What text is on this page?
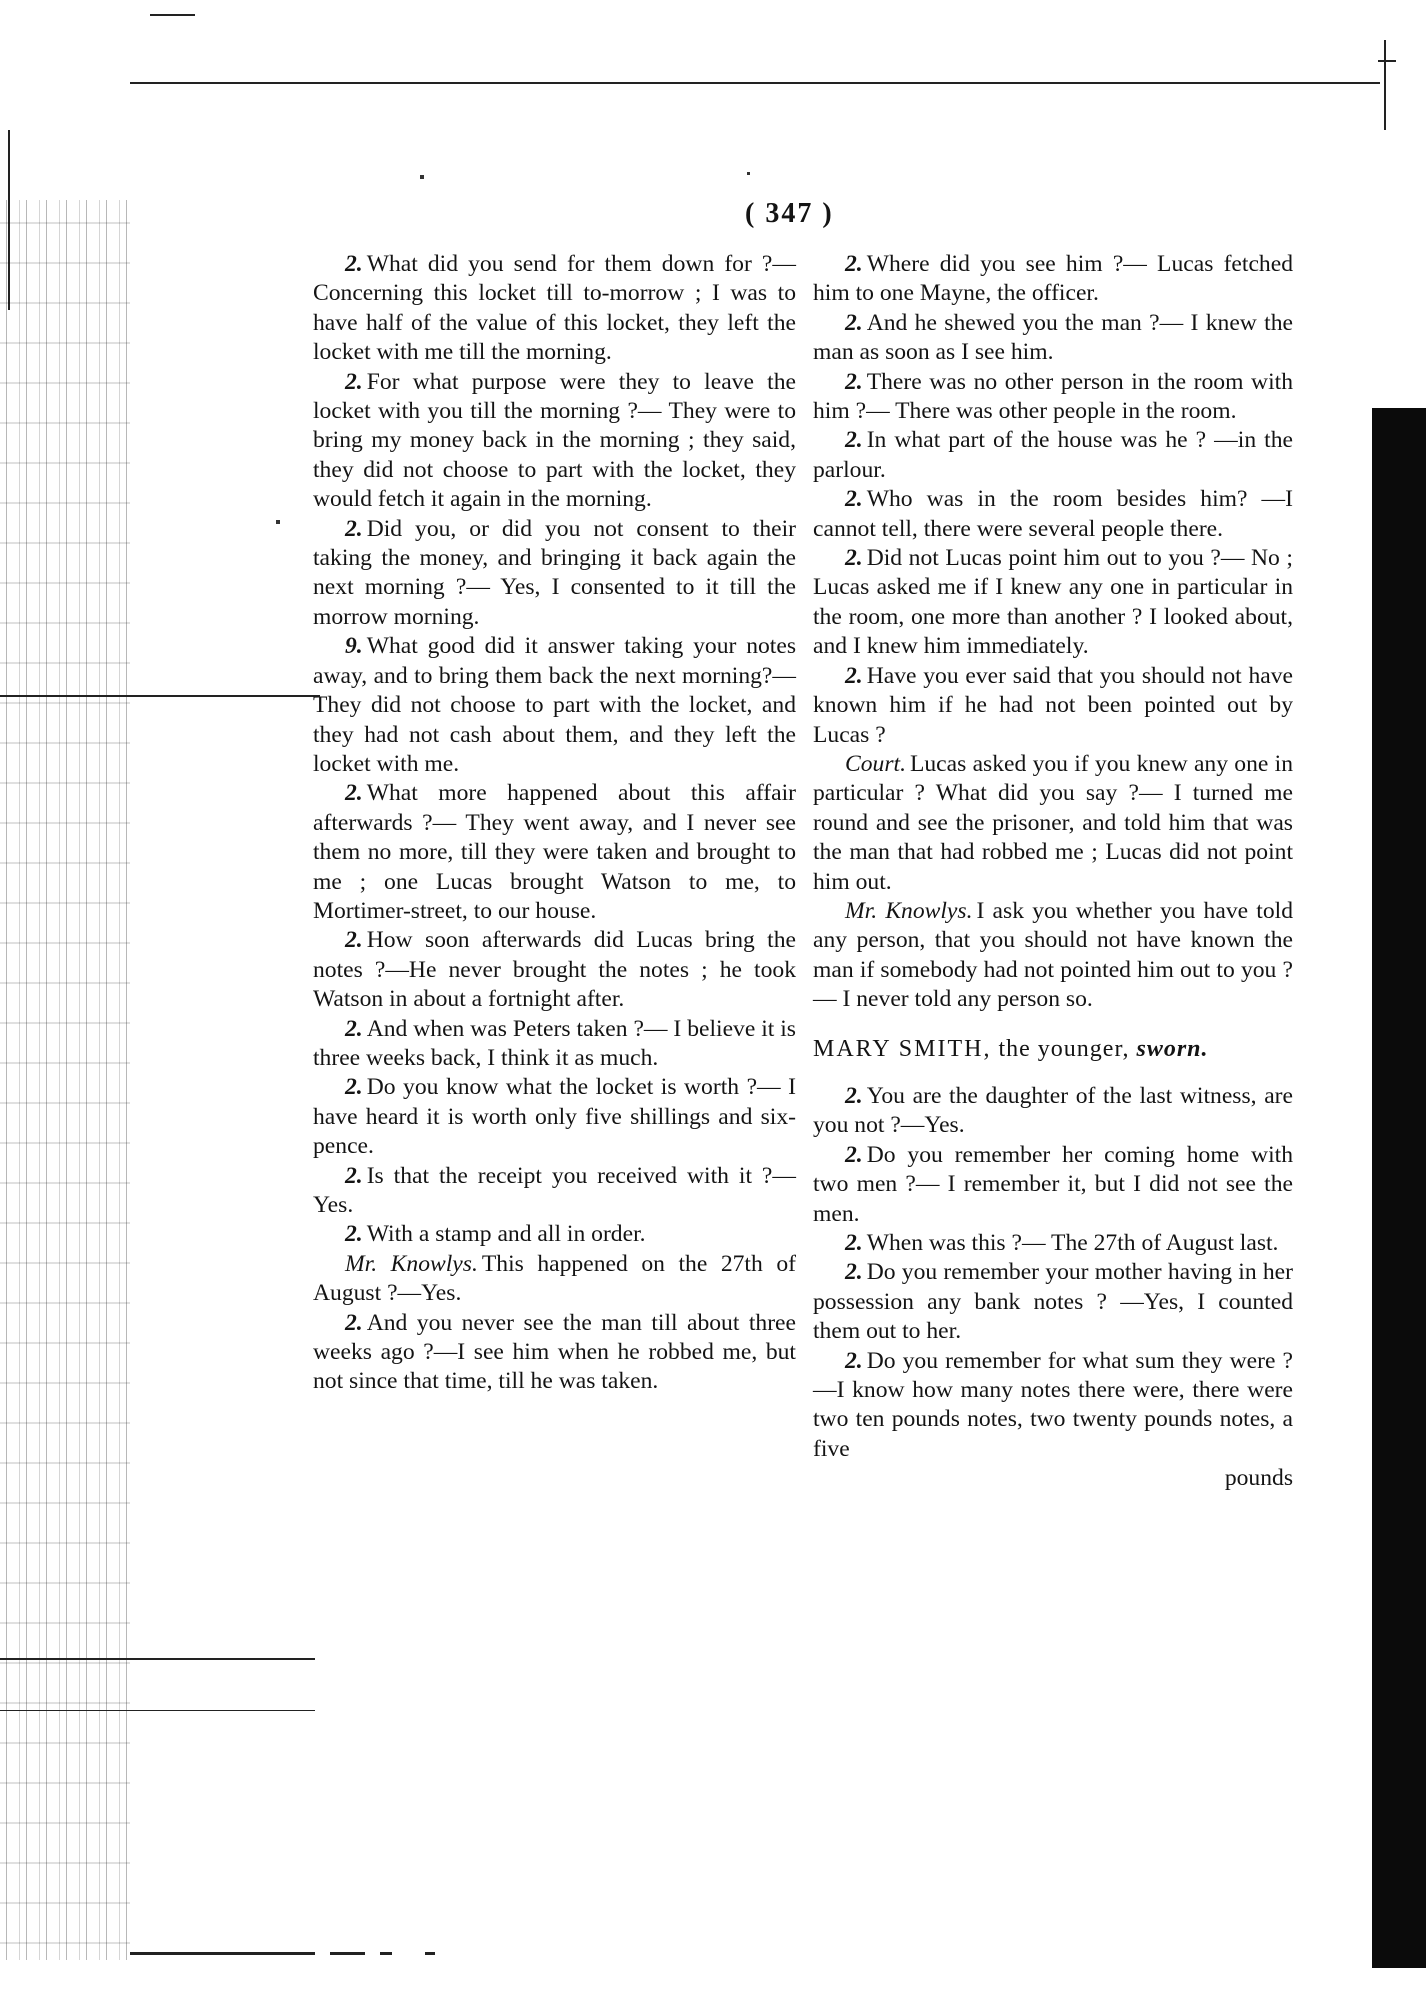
( 347 )

2. What did you send for them down for ?— Concerning this locket till to-morrow ; I was to have half of the value of this locket, they left the locket with me till the morning.

2. For what purpose were they to leave the locket with you till the morning ?— They were to bring my money back in the morning ; they said, they did not choose to part with the locket, they would fetch it again in the morning.

2. Did you, or did you not consent to their taking the money, and bringing it back again the next morning ?— Yes, I consented to it till the morrow morning.

9. What good did it answer taking your notes away, and to bring them back the next morning?—They did not choose to part with the locket, and they had not cash about them, and they left the locket with me.

2. What more happened about this affair afterwards ?— They went away, and I never see them no more, till they were taken and brought to me ; one Lucas brought Watson to me, to Mortimer-street, to our house.

2. How soon afterwards did Lucas bring the notes ?—He never brought the notes ; he took Watson in about a fortnight after.

2. And when was Peters taken ?— I believe it is three weeks back, I think it as much.

2. Do you know what the locket is worth ?— I have heard it is worth only five shillings and six-pence.

2. Is that the receipt you received with it ?—Yes.

2. With a stamp and all in order.

Mr. Knowlys. This happened on the 27th of August ?—Yes.

2. And you never see the man till about three weeks ago ?—I see him when he robbed me, but not since that time, till he was taken.

2. Where did you see him ?— Lucas fetched him to one Mayne, the officer.

2. And he shewed you the man ?— I knew the man as soon as I see him.

2. There was no other person in the room with him ?— There was other people in the room.

2. In what part of the house was he ? —in the parlour.

2. Who was in the room besides him? —I cannot tell, there were several people there.

2. Did not Lucas point him out to you ?— No ; Lucas asked me if I knew any one in particular in the room, one more than another ? I looked about, and I knew him immediately.

2. Have you ever said that you should not have known him if he had not been pointed out by Lucas ?

Court. Lucas asked you if you knew any one in particular ? What did you say ?— I turned me round and see the prisoner, and told him that was the man that had robbed me ; Lucas did not point him out.

Mr. Knowlys. I ask you whether you have told any person, that you should not have known the man if somebody had not pointed him out to you ?— I never told any person so.

MARY SMITH, the younger, sworn.

2. You are the daughter of the last witness, are you not ?—Yes.

2. Do you remember her coming home with two men ?— I remember it, but I did not see the men.

2. When was this ?— The 27th of August last.

2. Do you remember your mother having in her possession any bank notes ? —Yes, I counted them out to her.

2. Do you remember for what sum they were ?—I know how many notes there were, there were two ten pounds notes, two twenty pounds notes, a five

pounds
